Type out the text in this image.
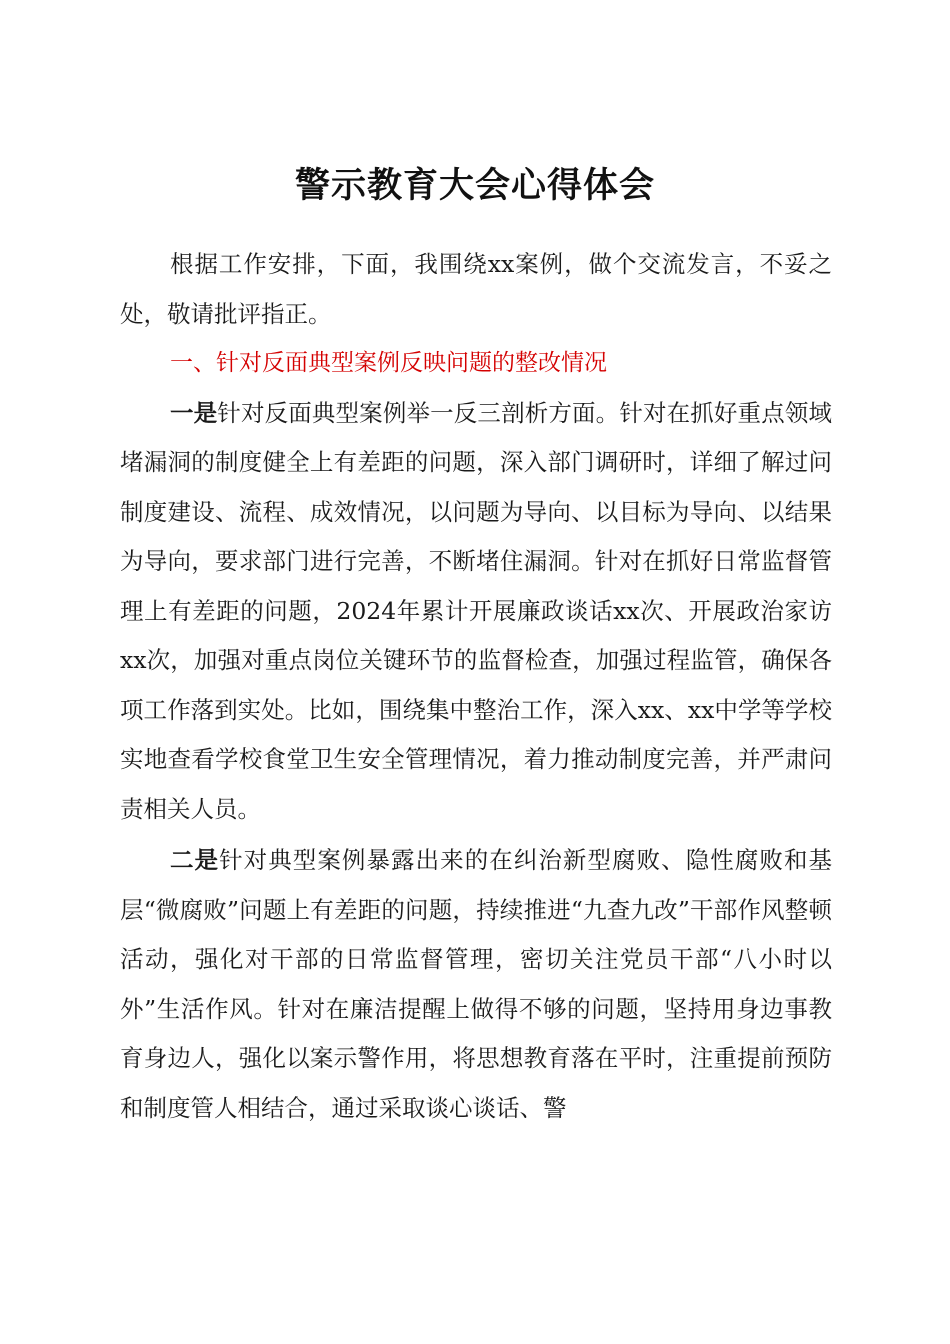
警示教育大会心得体会

根据工作安排，下面，我围绕xx案例，做个交流发言，不妥之处，敬请批评指正。

一、针对反面典型案例反映问题的整改情况

一是针对反面典型案例举一反三剖析方面。针对在抓好重点领域堵漏洞的制度健全上有差距的问题，深入部门调研时，详细了解过问制度建设、流程、成效情况，以问题为导向、以目标为导向、以结果为导向，要求部门进行完善，不断堵住漏洞。针对在抓好日常监督管理上有差距的问题，2024年累计开展廉政谈话xx次、开展政治家访xx次，加强对重点岗位关键环节的监督检查，加强过程监管，确保各项工作落到实处。比如，围绕集中整治工作，深入xx、xx中学等学校实地查看学校食堂卫生安全管理情况，着力推动制度完善，并严肃问责相关人员。

二是针对典型案例暴露出来的在纠治新型腐败、隐性腐败和基层“微腐败”问题上有差距的问题，持续推进“九查九改”干部作风整顿活动，强化对干部的日常监督管理，密切关注党员干部“八小时以外”生活作风。针对在廉洁提醒上做得不够的问题，坚持用身边事教育身边人，强化以案示警作用，将思想教育落在平时，注重提前预防和制度管人相结合，通过采取谈心谈话、警
